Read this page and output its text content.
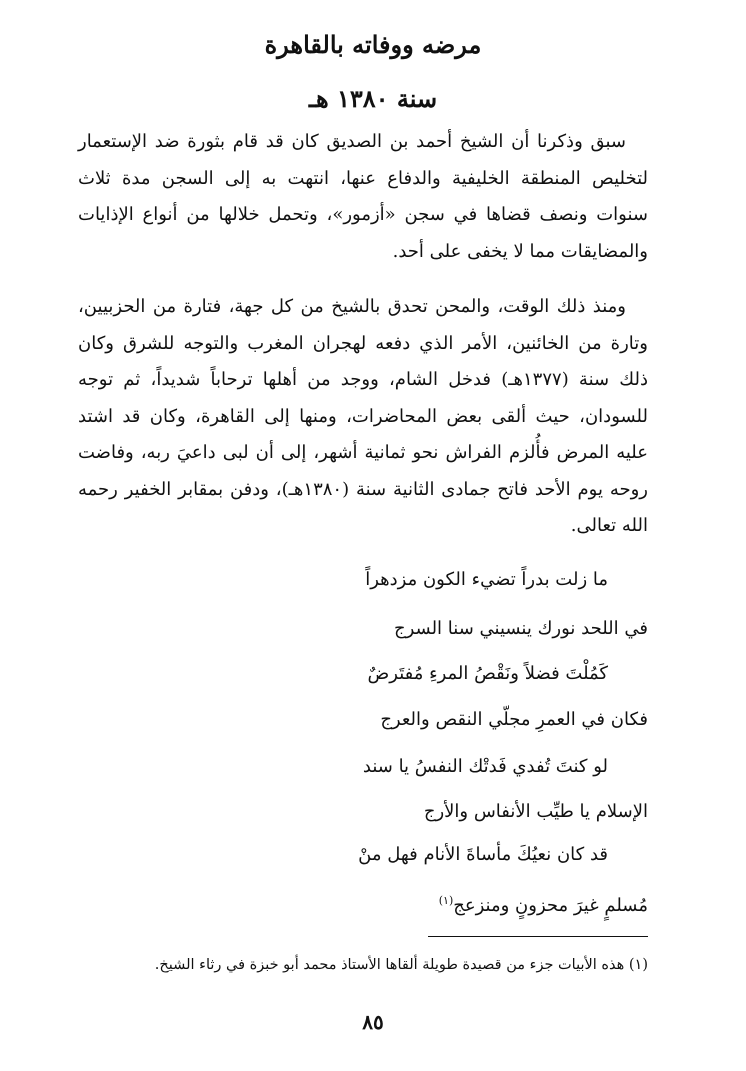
مرضه ووفاته بالقاهرة
سنة ١٣٨٠ هـ
سبق وذكرنا أن الشيخ أحمد بن الصديق كان قد قام بثورة ضد الإستعمار لتخليص المنطقة الخليفية والدفاع عنها، انتهت به إلى السجن مدة ثلاث سنوات ونصف قضاها في سجن «أزمور»، وتحمل خلالها من أنواع الإذايات والمضايقات مما لا يخفى على أحد.
ومنذ ذلك الوقت، والمحن تحدق بالشيخ من كل جهة، فتارة من الحزبيين، وتارة من الخائنين، الأمر الذي دفعه لهجران المغرب والتوجه للشرق وكان ذلك سنة (١٣٧٧هـ) فدخل الشام، ووجد من أهلها ترحاباً شديداً، ثم توجه للسودان، حيث ألقى بعض المحاضرات، ومنها إلى القاهرة، وكان قد اشتد عليه المرض فأُلزم الفراش نحو ثمانية أشهر، إلى أن لبى داعيَ ربه، وفاضت روحه يوم الأحد فاتح جمادى الثانية سنة (١٣٨٠هـ)، ودفن بمقابر الخفير رحمه الله تعالى.
ما زلت بدراً تضيء الكون مزدهراً
في اللحد نورك ينسيني سنا السرج
كَمُلْتَ فضلاً ونَقْصُ المرءِ مُفتَرضٌ
فكان في العمرِ مجلّي النقص والعرج
لو كنتَ تُفدي فَدتْك النفسُ يا سند
الإسلام يا طيِّب الأنفاس والأرج
قد كان نعيُكَ مأساةَ الأنام فهل منْ
مُسلمٍ غيرَ محزونٍ ومنزعج$^{(١)}$
(١) هذه الأبيات جزء من قصيدة طويلة ألقاها الأستاذ محمد أبو خبزة في رثاء الشيخ.
٨٥
